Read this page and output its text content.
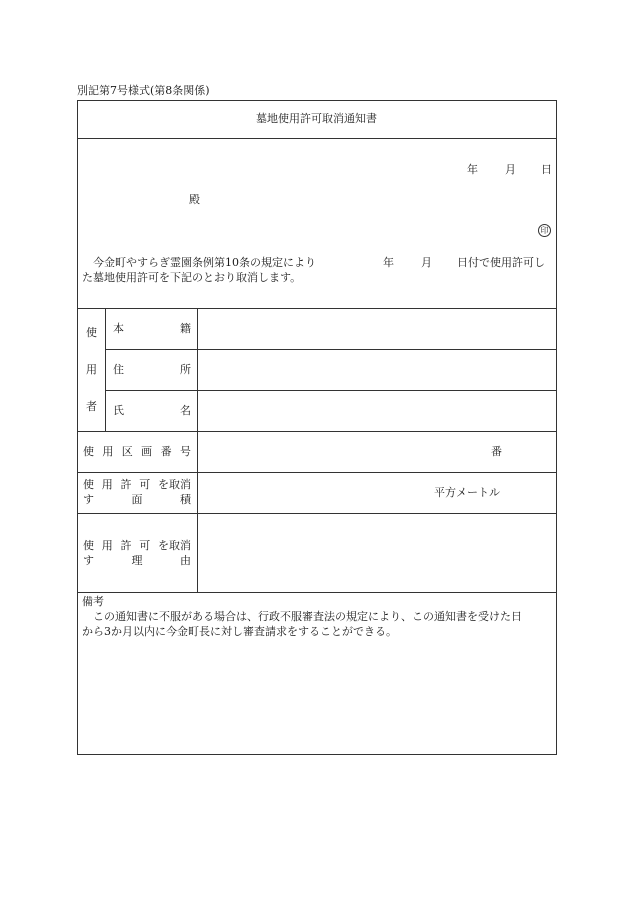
別記第7号様式(第8条関係)
墓地使用許可取消通知書
年 月 日
殿
印
今金町やすらぎ霊園条例第10条の規定により	年 月 日付で使用許可し
た墓地使用許可を下記のとおり取消します。
使
用
者
本	籍
住	所
氏	名
使 用 区 画 番 号	番
使 用 許 可 を取消
す	面	積
平方メートル
使 用 許 可 を取消
す	理	由
備考
この通知書に不服がある場合は、行政不服審査法の規定により、この通知書を受けた日
から3か月以内に今金町長に対し審査請求をすることができる。
